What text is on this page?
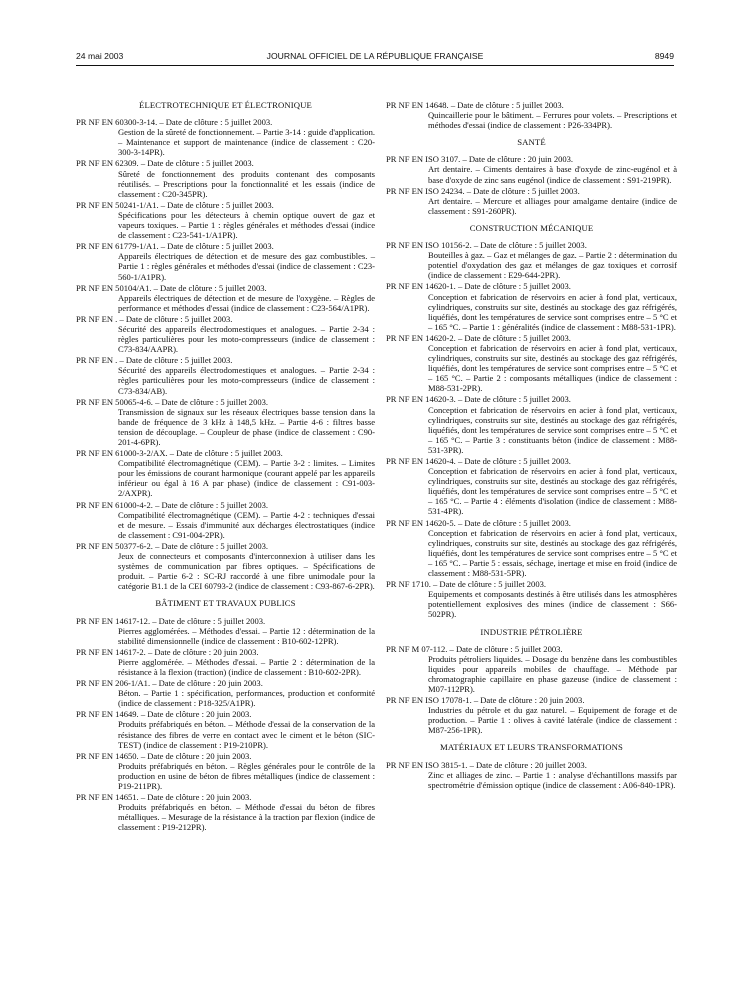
24 mai 2003	JOURNAL OFFICIEL DE LA RÉPUBLIQUE FRANÇAISE	8949
ÉLECTROTECHNIQUE ET ÉLECTRONIQUE
PR NF EN 60300-3-14. – Date de clôture : 5 juillet 2003.
Gestion de la sûreté de fonctionnement. – Partie 3-14 : guide d'application. – Maintenance et support de maintenance (indice de classement : C20-300-3-14PR).
PR NF EN 62309. – Date de clôture : 5 juillet 2003.
Sûreté de fonctionnement des produits contenant des composants réutilisés. – Prescriptions pour la fonctionnalité et les essais (indice de classement : C20-345PR).
PR NF EN 50241-1/A1. – Date de clôture : 5 juillet 2003.
Spécifications pour les détecteurs à chemin optique ouvert de gaz et vapeurs toxiques. – Partie 1 : règles générales et méthodes d'essai (indice de classement : C23-541-1/A1PR).
PR NF EN 61779-1/A1. – Date de clôture : 5 juillet 2003.
Appareils électriques de détection et de mesure des gaz combustibles. – Partie 1 : règles générales et méthodes d'essai (indice de classement : C23-560-1/A1PR).
PR NF EN 50104/A1. – Date de clôture : 5 juillet 2003.
Appareils électriques de détection et de mesure de l'oxygène. – Règles de performance et méthodes d'essai (indice de classement : C23-564/A1PR).
PR NF EN . – Date de clôture : 5 juillet 2003.
Sécurité des appareils électrodomestiques et analogues. – Partie 2-34 : règles particulières pour les moto-compresseurs (indice de classement : C73-834/AAPR).
PR NF EN . – Date de clôture : 5 juillet 2003.
Sécurité des appareils électrodomestiques et analogues. – Partie 2-34 : règles particulières pour les moto-compresseurs (indice de classement : C73-834/AB).
PR NF EN 50065-4-6. – Date de clôture : 5 juillet 2003.
Transmission de signaux sur les réseaux électriques basse tension dans la bande de fréquence de 3 kHz à 148,5 kHz. – Partie 4-6 : filtres basse tension de découplage. – Coupleur de phase (indice de classement : C90-201-4-6PR).
PR NF EN 61000-3-2/AX. – Date de clôture : 5 juillet 2003.
Compatibilité électromagnétique (CEM). – Partie 3-2 : limites. – Limites pour les émissions de courant harmonique (courant appelé par les appareils inférieur ou égal à 16 A par phase) (indice de classement : C91-003-2/AXPR).
PR NF EN 61000-4-2. – Date de clôture : 5 juillet 2003.
Compatibilité électromagnétique (CEM). – Partie 4-2 : techniques d'essai et de mesure. – Essais d'immunité aux décharges électrostatiques (indice de classement : C91-004-2PR).
PR NF EN 50377-6-2. – Date de clôture : 5 juillet 2003.
Jeux de connecteurs et composants d'interconnexion à utiliser dans les systèmes de communication par fibres optiques. – Spécifications de produit. – Partie 6-2 : SC-RJ raccordé à une fibre unimodale pour la catégorie B1.1 de la CEI 60793-2 (indice de classement : C93-867-6-2PR).
BÂTIMENT ET TRAVAUX PUBLICS
PR NF EN 14617-12. – Date de clôture : 5 juillet 2003.
Pierres agglomérées. – Méthodes d'essai. – Partie 12 : détermination de la stabilité dimensionnelle (indice de classement : B10-602-12PR).
PR NF EN 14617-2. – Date de clôture : 20 juin 2003.
Pierre agglomérée. – Méthodes d'essai. – Partie 2 : détermination de la résistance à la flexion (traction) (indice de classement : B10-602-2PR).
PR NF EN 206-1/A1. – Date de clôture : 20 juin 2003.
Béton. – Partie 1 : spécification, performances, production et conformité (indice de classement : P18-325/A1PR).
PR NF EN 14649. – Date de clôture : 20 juin 2003.
Produits préfabriqués en béton. – Méthode d'essai de la conservation de la résistance des fibres de verre en contact avec le ciment et le béton (SIC-TEST) (indice de classement : P19-210PR).
PR NF EN 14650. – Date de clôture : 20 juin 2003.
Produits préfabriqués en béton. – Règles générales pour le contrôle de la production en usine de béton de fibres métalliques (indice de classement : P19-211PR).
PR NF EN 14651. – Date de clôture : 20 juin 2003.
Produits préfabriqués en béton. – Méthode d'essai du béton de fibres métalliques. – Mesurage de la résistance à la traction par flexion (indice de classement : P19-212PR).
PR NF EN 14648. – Date de clôture : 5 juillet 2003.
Quincaillerie pour le bâtiment. – Ferrures pour volets. – Prescriptions et méthodes d'essai (indice de classement : P26-334PR).
SANTÉ
PR NF EN ISO 3107. – Date de clôture : 20 juin 2003.
Art dentaire. – Ciments dentaires à base d'oxyde de zinc-eugénol et à base d'oxyde de zinc sans eugénol (indice de classement : S91-219PR).
PR NF EN ISO 24234. – Date de clôture : 5 juillet 2003.
Art dentaire. – Mercure et alliages pour amalgame dentaire (indice de classement : S91-260PR).
CONSTRUCTION MÉCANIQUE
PR NF EN ISO 10156-2. – Date de clôture : 5 juillet 2003.
Bouteilles à gaz. – Gaz et mélanges de gaz. – Partie 2 : détermination du potentiel d'oxydation des gaz et mélanges de gaz toxiques et corrosif (indice de classement : E29-644-2PR).
PR NF EN 14620-1. – Date de clôture : 5 juillet 2003.
Conception et fabrication de réservoirs en acier à fond plat, verticaux, cylindriques, construits sur site, destinés au stockage des gaz réfrigérés, liquéfiés, dont les températures de service sont comprises entre – 5 °C et – 165 °C. – Partie 1 : généralités (indice de classement : M88-531-1PR).
PR NF EN 14620-2. – Date de clôture : 5 juillet 2003.
Conception et fabrication de réservoirs en acier à fond plat, verticaux, cylindriques, construits sur site, destinés au stockage des gaz réfrigérés, liquéfiés, dont les températures de service sont comprises entre – 5 °C et – 165 °C. – Partie 2 : composants métalliques (indice de classement : M88-531-2PR).
PR NF EN 14620-3. – Date de clôture : 5 juillet 2003.
Conception et fabrication de réservoirs en acier à fond plat, verticaux, cylindriques, construits sur site, destinés au stockage des gaz réfrigérés, liquéfiés, dont les températures de service sont comprises entre – 5 °C et – 165 °C. – Partie 3 : constituants béton (indice de classement : M88-531-3PR).
PR NF EN 14620-4. – Date de clôture : 5 juillet 2003.
Conception et fabrication de réservoirs en acier à fond plat, verticaux, cylindriques, construits sur site, destinés au stockage des gaz réfrigérés, liquéfiés, dont les températures de service sont comprises entre – 5 °C et – 165 °C. – Partie 4 : éléments d'isolation (indice de classement : M88-531-4PR).
PR NF EN 14620-5. – Date de clôture : 5 juillet 2003.
Conception et fabrication de réservoirs en acier à fond plat, verticaux, cylindriques, construits sur site, destinés au stockage des gaz réfrigérés, liquéfiés, dont les températures de service sont comprises entre – 5 °C et – 165 °C. – Partie 5 : essais, séchage, inertage et mise en froid (indice de classement : M88-531-5PR).
PR NF 1710. – Date de clôture : 5 juillet 2003.
Equipements et composants destinés à être utilisés dans les atmosphères potentiellement explosives des mines (indice de classement : S66-502PR).
INDUSTRIE PÉTROLIÈRE
PR NF M 07-112. – Date de clôture : 5 juillet 2003.
Produits pétroliers liquides. – Dosage du benzène dans les combustibles liquides pour appareils mobiles de chauffage. – Méthode par chromatographie capillaire en phase gazeuse (indice de classement : M07-112PR).
PR NF EN ISO 17078-1. – Date de clôture : 20 juin 2003.
Industries du pétrole et du gaz naturel. – Equipement de forage et de production. – Partie 1 : olives à cavité latérale (indice de classement : M87-256-1PR).
MATÉRIAUX ET LEURS TRANSFORMATIONS
PR NF EN ISO 3815-1. – Date de clôture : 20 juillet 2003.
Zinc et alliages de zinc. – Partie 1 : analyse d'échantillons massifs par spectrométrie d'émission optique (indice de classement : A06-840-1PR).
